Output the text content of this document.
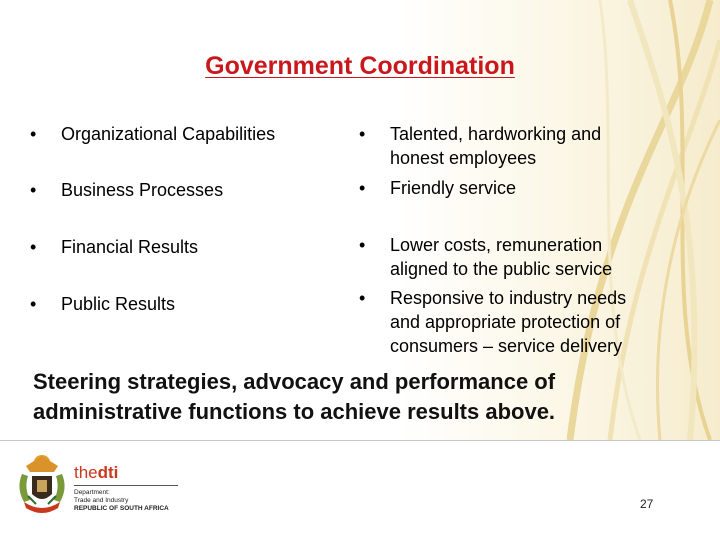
Government Coordination
•	Organizational Capabilities
•	Business Processes
•	Financial Results
•	Public Results
•	Talented, hardworking and honest employees
•	Friendly service
•	Lower costs, remuneration aligned to the public service
•	Responsive to industry needs and appropriate protection of consumers – service delivery
Steering strategies, advocacy and performance of administrative functions to achieve results above.
thedti
Department:
Trade and Industry
REPUBLIC OF SOUTH AFRICA	27
